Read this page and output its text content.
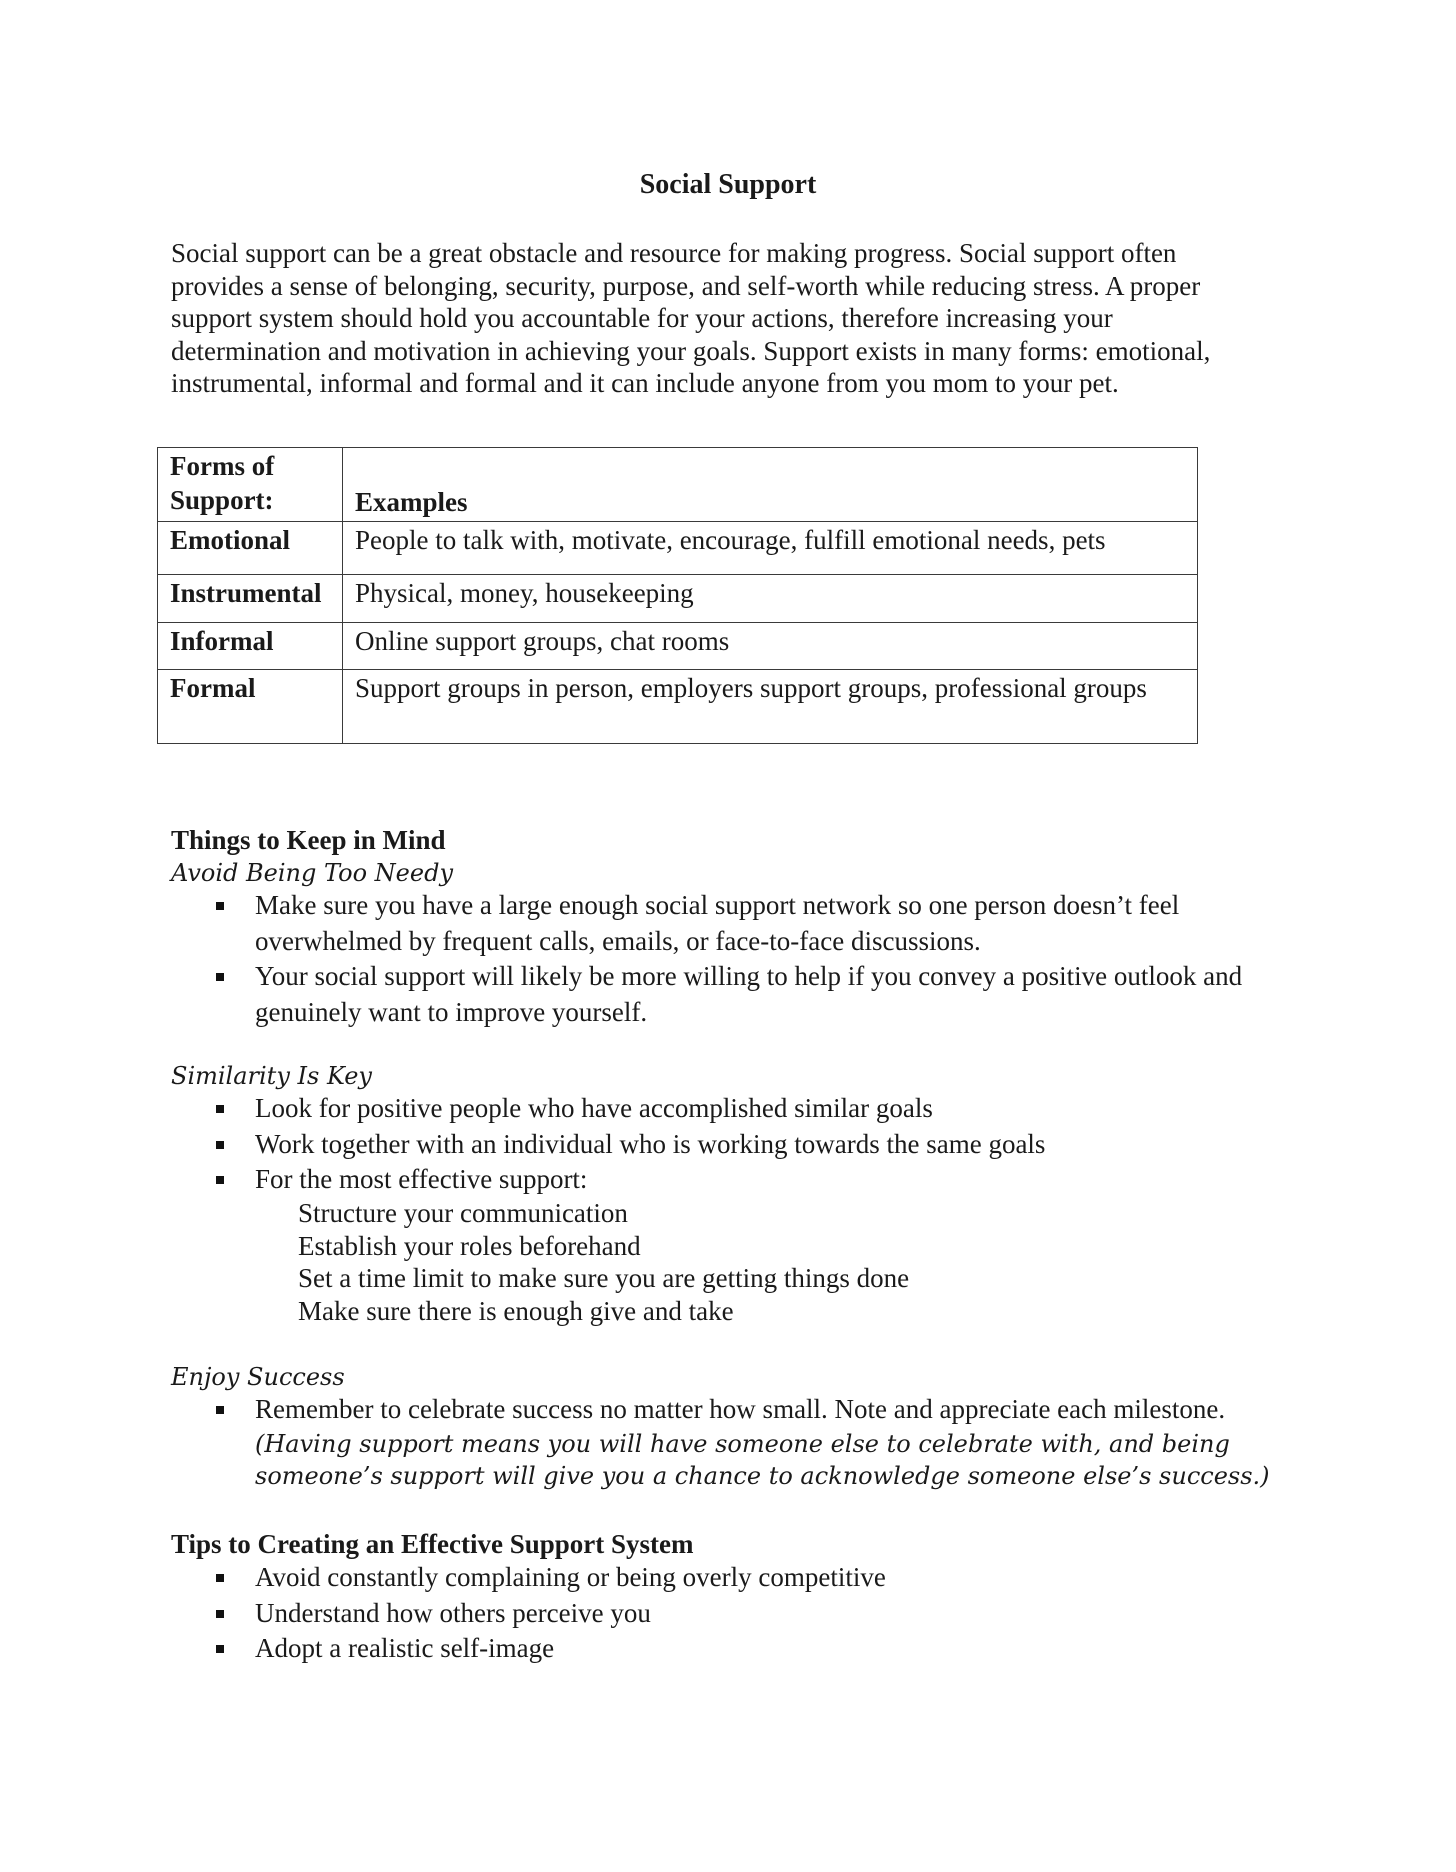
Social Support
Social support can be a great obstacle and resource for making progress. Social support often
provides a sense of belonging, security, purpose, and self-worth while reducing stress. A proper
support system should hold you accountable for your actions, therefore increasing your
determination and motivation in achieving your goals. Support exists in many forms: emotional,
instrumental, informal and formal and it can include anyone from you mom to your pet.
Forms of Support:	Examples
Emotional	People to talk with, motivate, encourage, fulfill emotional needs, pets
Instrumental	Physical, money, housekeeping
Informal	Online support groups, chat rooms
Formal	Support groups in person, employers support groups, professional groups
Things to Keep in Mind
Avoid Being Too Needy
Make sure you have a large enough social support network so one person doesn’t feel overwhelmed by frequent calls, emails, or face-to-face discussions.
Your social support will likely be more willing to help if you convey a positive outlook and genuinely want to improve yourself.
Similarity Is Key
Look for positive people who have accomplished similar goals
Work together with an individual who is working towards the same goals
For the most effective support:
Structure your communication
Establish your roles beforehand
Set a time limit to make sure you are getting things done
Make sure there is enough give and take
Enjoy Success
Remember to celebrate success no matter how small. Note and appreciate each milestone.
(Having support means you will have someone else to celebrate with, and being
someone’s support will give you a chance to acknowledge someone else’s success.)
Tips to Creating an Effective Support System
Avoid constantly complaining or being overly competitive
Understand how others perceive you
Adopt a realistic self-image
